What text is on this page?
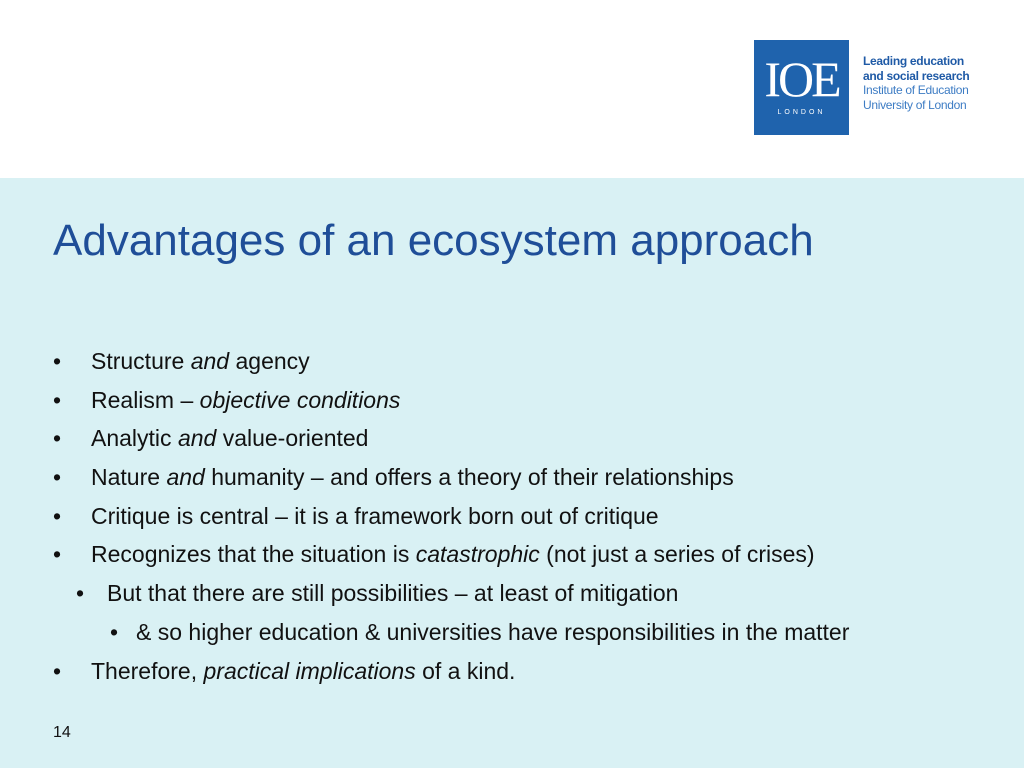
IOE
LONDON
Leading education
and social research
Institute of Education
University of London
Advantages of an ecosystem approach
• Structure and agency
• Realism – objective conditions
• Analytic and value-oriented
• Nature and humanity – and offers a theory of their relationships
• Critique is central – it is a framework born out of critique
• Recognizes that the situation is catastrophic (not just a series of crises)
• But that there are still possibilities – at least of mitigation
• & so higher education & universities have responsibilities in the matter
• Therefore, practical implications of a kind.
14
